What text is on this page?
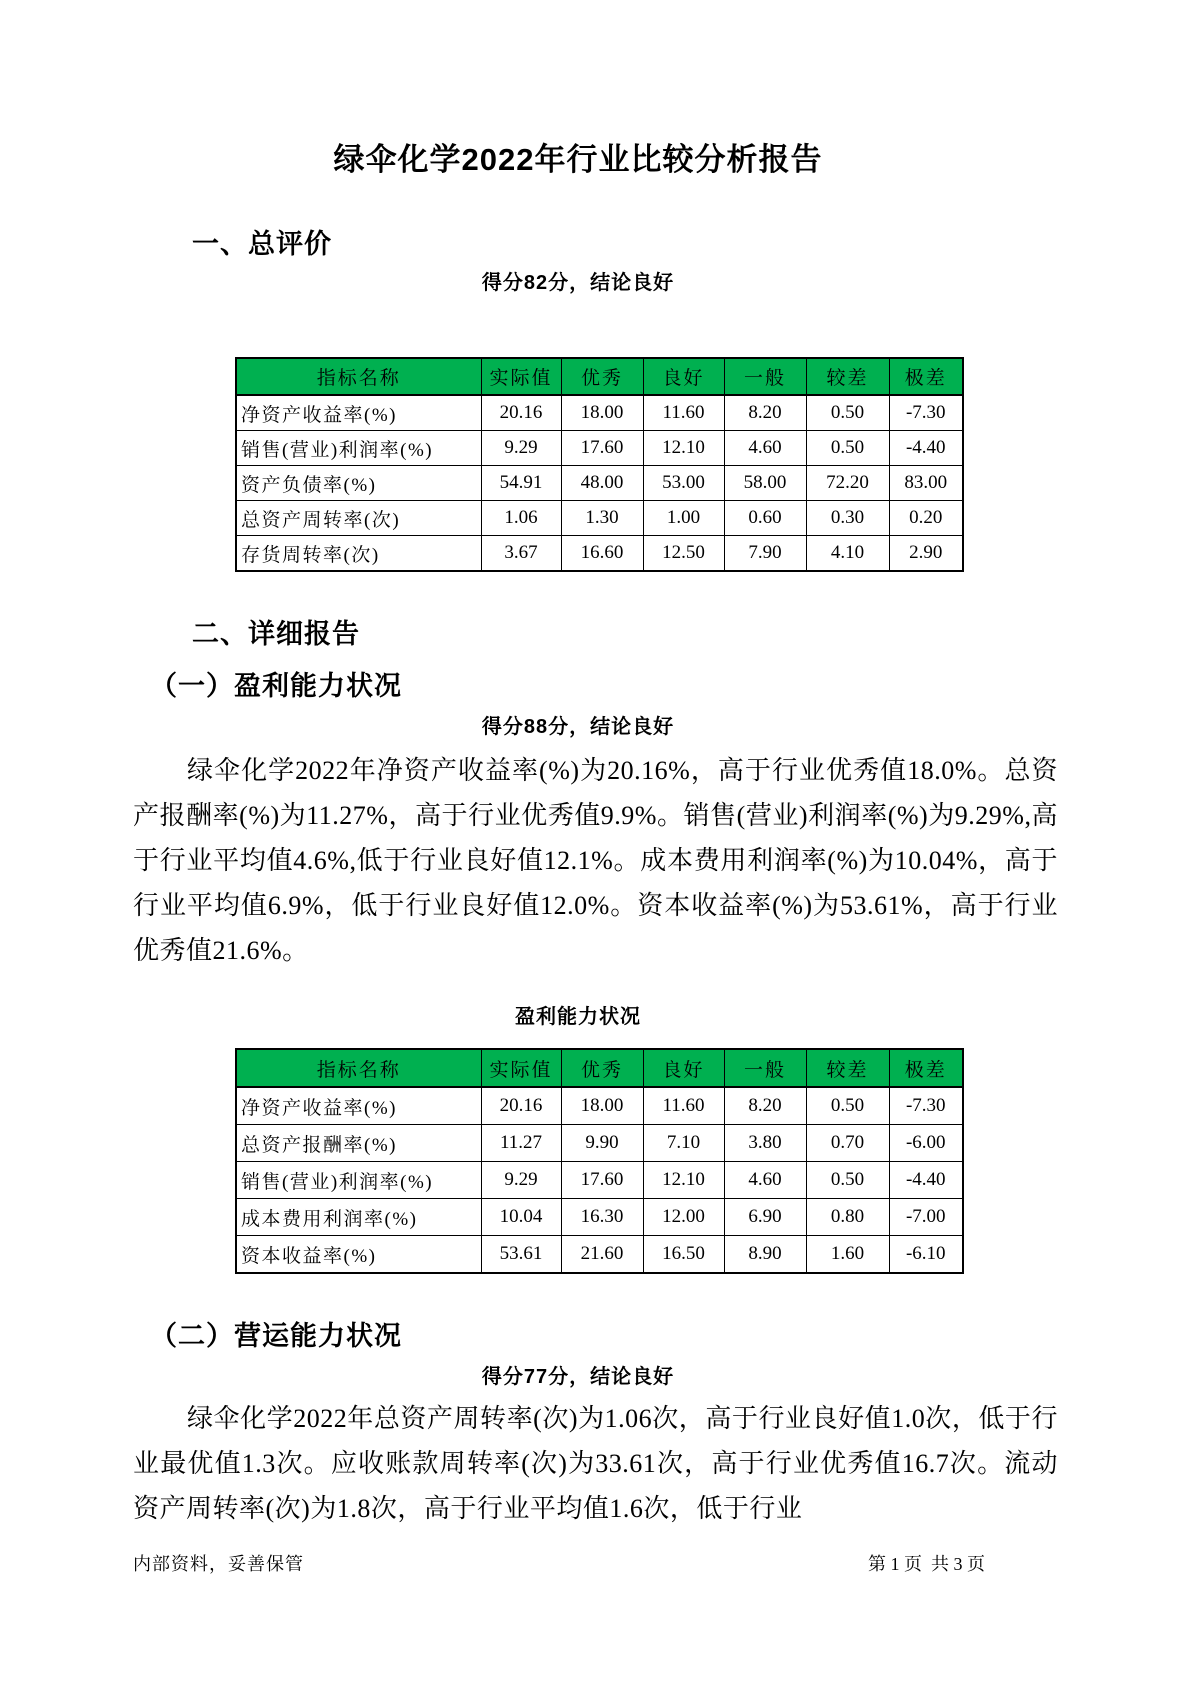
绿伞化学2022年行业比较分析报告
一、总评价
得分82分，结论良好
指标名称	实际值	优秀	良好	一般	较差	极差
净资产收益率(%)	20.16	18.00	11.60	8.20	0.50	-7.30
销售(营业)利润率(%)	9.29	17.60	12.10	4.60	0.50	-4.40
资产负债率(%)	54.91	48.00	53.00	58.00	72.20	83.00
总资产周转率(次)	1.06	1.30	1.00	0.60	0.30	0.20
存货周转率(次)	3.67	16.60	12.50	7.90	4.10	2.90
二、详细报告
（一）盈利能力状况
得分88分，结论良好
绿伞化学2022年净资产收益率(%)为20.16%，高于行业优秀值18.0%。总资产报酬率(%)为11.27%，高于行业优秀值9.9%。销售(营业)利润率(%)为9.29%,高于行业平均值4.6%,低于行业良好值12.1%。成本费用利润率(%)为10.04%，高于行业平均值6.9%，低于行业良好值12.0%。资本收益率(%)为53.61%，高于行业优秀值21.6%。
盈利能力状况
指标名称	实际值	优秀	良好	一般	较差	极差
净资产收益率(%)	20.16	18.00	11.60	8.20	0.50	-7.30
总资产报酬率(%)	11.27	9.90	7.10	3.80	0.70	-6.00
销售(营业)利润率(%)	9.29	17.60	12.10	4.60	0.50	-4.40
成本费用利润率(%)	10.04	16.30	12.00	6.90	0.80	-7.00
资本收益率(%)	53.61	21.60	16.50	8.90	1.60	-6.10
（二）营运能力状况
得分77分，结论良好
绿伞化学2022年总资产周转率(次)为1.06次，高于行业良好值1.0次，低于行业最优值1.3次。应收账款周转率(次)为33.61次，高于行业优秀值16.7次。流动资产周转率(次)为1.8次，高于行业平均值1.6次，低于行业
内部资料，妥善保管	第 1 页  共 3 页
